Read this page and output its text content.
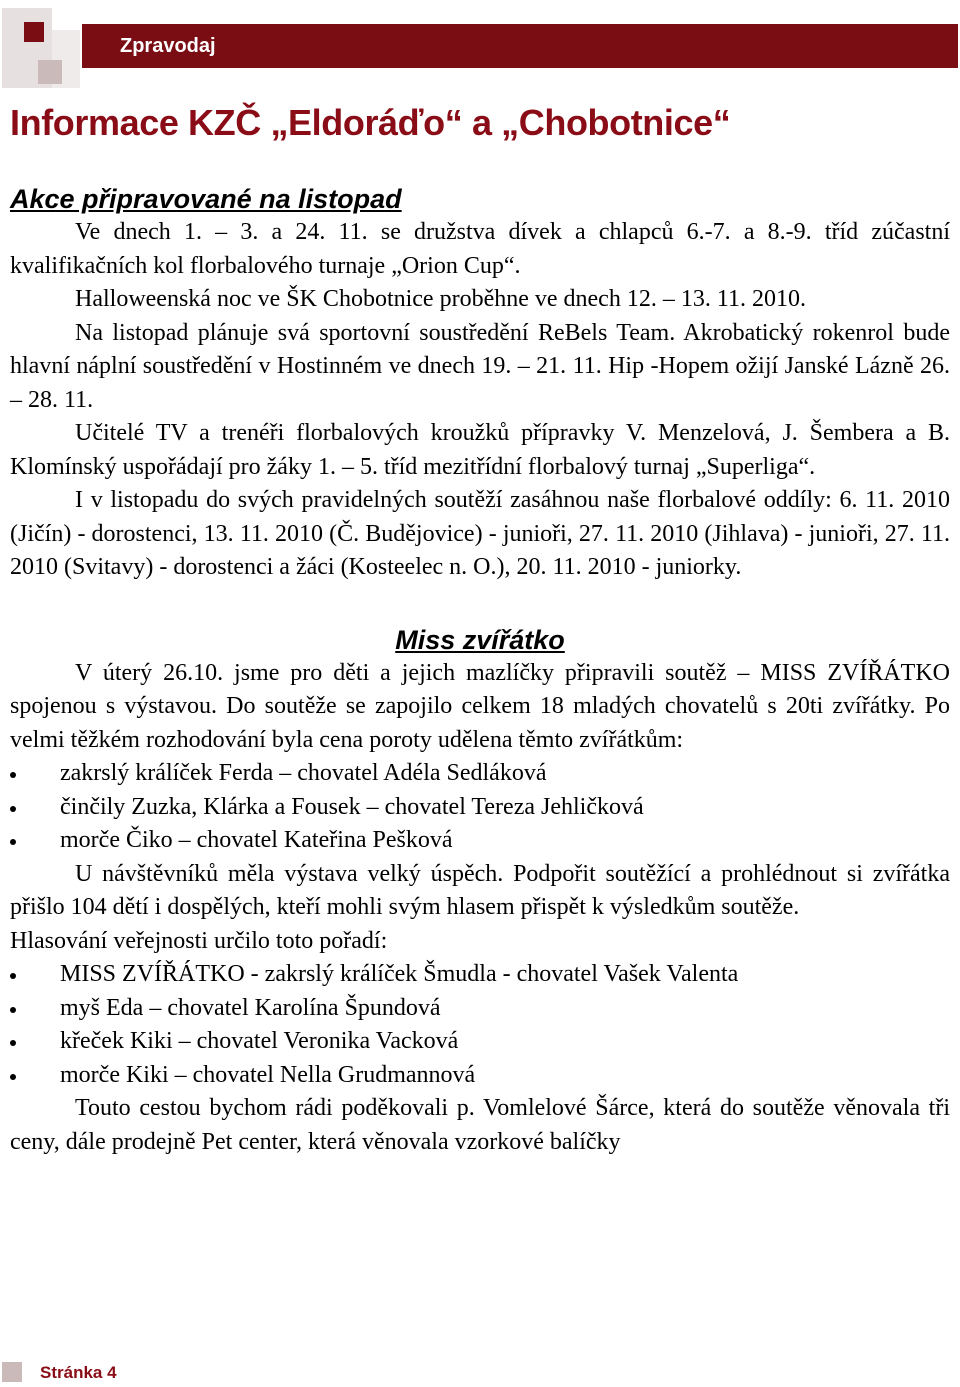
Zpravodaj
Informace KZČ „Eldoráďo“ a „Chobotnice“
Akce připravované na listopad

Ve dnech 1. – 3. a 24. 11. se družstva dívek a chlapců 6.-7. a 8.-9. tříd zúčastní kvalifikačních kol florbalového turnaje „Orion Cup“.

Halloweenská noc ve ŠK Chobotnice proběhne ve dnech 12. – 13. 11. 2010.

Na listopad plánuje svá sportovní soustředění ReBels Team. Akrobatický rokenrol bude hlavní náplní soustředění v Hostinném ve dnech 19. – 21. 11. Hip -Hopem ožijí Janské Lázně 26. – 28. 11.

Učitelé TV a trenéři florbalových kroužků přípravky V. Menzelová, J. Šembera a B. Klomínský uspořádají pro žáky 1. – 5. tříd mezitřídní florbalový turnaj „Superliga“.

I v listopadu do svých pravidelných soutěží zasáhnou naše florbalové oddíly: 6. 11. 2010 (Jičín) - dorostenci, 13. 11. 2010 (Č. Budějovice) - junioři, 27. 11. 2010 (Jihlava) - junioři, 27. 11. 2010 (Svitavy) - dorostenci a žáci (Kosteelec n. O.), 20. 11. 2010 - juniorky.

Miss zvířátko

V úterý 26.10. jsme pro děti a jejich mazlíčky připravili soutěž – MISS ZVÍŘÁTKO spojenou s výstavou. Do soutěže se zapojilo celkem 18 mladých chovatelů s 20ti zvířátky. Po velmi těžkém rozhodování byla cena poroty udělena těmto zvířátkům:

zakrslý králíček Ferda – chovatel Adéla Sedláková
činčily Zuzka, Klárka a Fousek – chovatel Tereza Jehličková
morče Čiko – chovatel Kateřina Pešková

U návštěvníků měla výstava velký úspěch. Podpořit soutěžící a prohlédnout si zvířátka přišlo 104 dětí i dospělých, kteří mohli svým hlasem přispět k výsledkům soutěže.

Hlasování veřejnosti určilo toto pořadí:

MISS ZVÍŘÁTKO - zakrslý králíček Šmudla - chovatel Vašek Valenta
myš Eda – chovatel Karolína Špundová
křeček Kiki – chovatel Veronika Vacková
morče Kiki – chovatel Nella Grudmannová

Touto cestou bychom rádi poděkovali p. Vomlelové Šárce, která do soutěže věnovala tři ceny, dále prodejně Pet center, která věnovala vzorkové balíčky

Stránka 4
